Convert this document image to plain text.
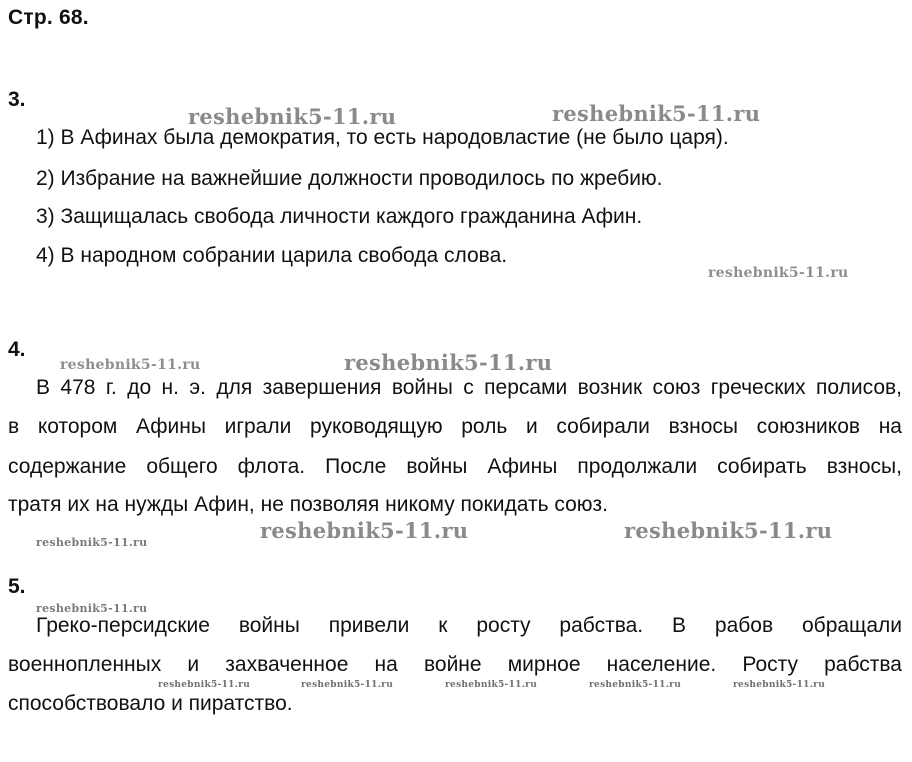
Стр. 68.
3.
1) В Афинах была демократия, то есть народовластие (не было царя).
2) Избрание на важнейшие должности проводилось по жребию.
3) Защищалась свобода личности каждого гражданина Афин.
4) В народном собрании царила свобода слова.
4.
В 478 г. до н. э. для завершения войны с персами возник союз греческих полисов,
в котором Афины играли руководящую роль и собирали взносы союзников на
содержание общего флота. После войны Афины продолжали собирать взносы,
тратя их на нужды Афин, не позволяя никому покидать союз.
5.
Греко-персидские войны привели к росту рабства. В рабов обращали
военнопленных и захваченное на войне мирное население. Росту рабства
способствовало и пиратство.
reshebnik5-11.ru	reshebnik5-11.ru
reshebnik5-11.ru
reshebnik5-11.ru	reshebnik5-11.ru
reshebnik5-11.ru	reshebnik5-11.ru
reshebnik5-11.ru
reshebnik5-11.ru
reshebnik5-11.ru	reshebnik5-11.ru	reshebnik5-11.ru	reshebnik5-11.ru	reshebnik5-11.ru
